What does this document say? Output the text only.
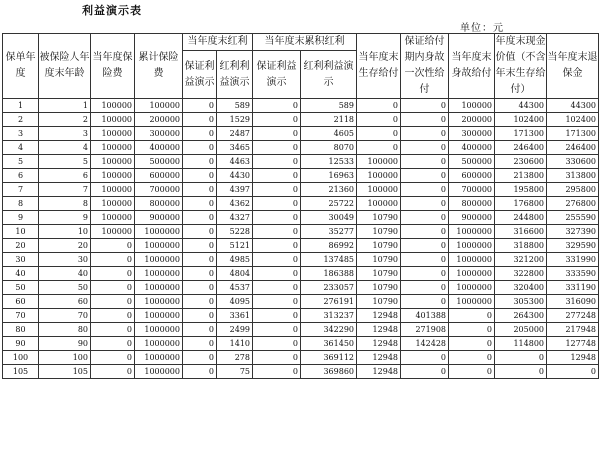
利益演示表
单位：元
保单年度	被保险人年度末年龄	当年度保险费	累计保险费	当年度末红利		当年度末累积红利		当年度末生存给付	保证给付期内身故一次性给付	当年度末身故给付	年度末现金价值（不含年末生存给付）	当年度末退保金
				保证利益演示	红利利益演示	保证利益演示	红利利益演示					
1	1	100000	100000	0	589	0	589	0	0	100000	44300	44300
2	2	100000	200000	0	1529	0	2118	0	0	200000	102400	102400
3	3	100000	300000	0	2487	0	4605	0	0	300000	171300	171300
4	4	100000	400000	0	3465	0	8070	0	0	400000	246400	246400
5	5	100000	500000	0	4463	0	12533	100000	0	500000	230600	330600
6	6	100000	600000	0	4430	0	16963	100000	0	600000	213800	313800
7	7	100000	700000	0	4397	0	21360	100000	0	700000	195800	295800
8	8	100000	800000	0	4362	0	25722	100000	0	800000	176800	276800
9	9	100000	900000	0	4327	0	30049	10790	0	900000	244800	255590
10	10	100000	1000000	0	5228	0	35277	10790	0	1000000	316600	327390
20	20	0	1000000	0	5121	0	86992	10790	0	1000000	318800	329590
30	30	0	1000000	0	4985	0	137485	10790	0	1000000	321200	331990
40	40	0	1000000	0	4804	0	186388	10790	0	1000000	322800	333590
50	50	0	1000000	0	4537	0	233057	10790	0	1000000	320400	331190
60	60	0	1000000	0	4095	0	276191	10790	0	1000000	305300	316090
70	70	0	1000000	0	3361	0	313237	12948	401388	0	264300	277248
80	80	0	1000000	0	2499	0	342290	12948	271908	0	205000	217948
90	90	0	1000000	0	1410	0	361450	12948	142428	0	114800	127748
100	100	0	1000000	0	278	0	369112	12948	0	0	0	12948
105	105	0	1000000	0	75	0	369860	12948	0	0	0	0
